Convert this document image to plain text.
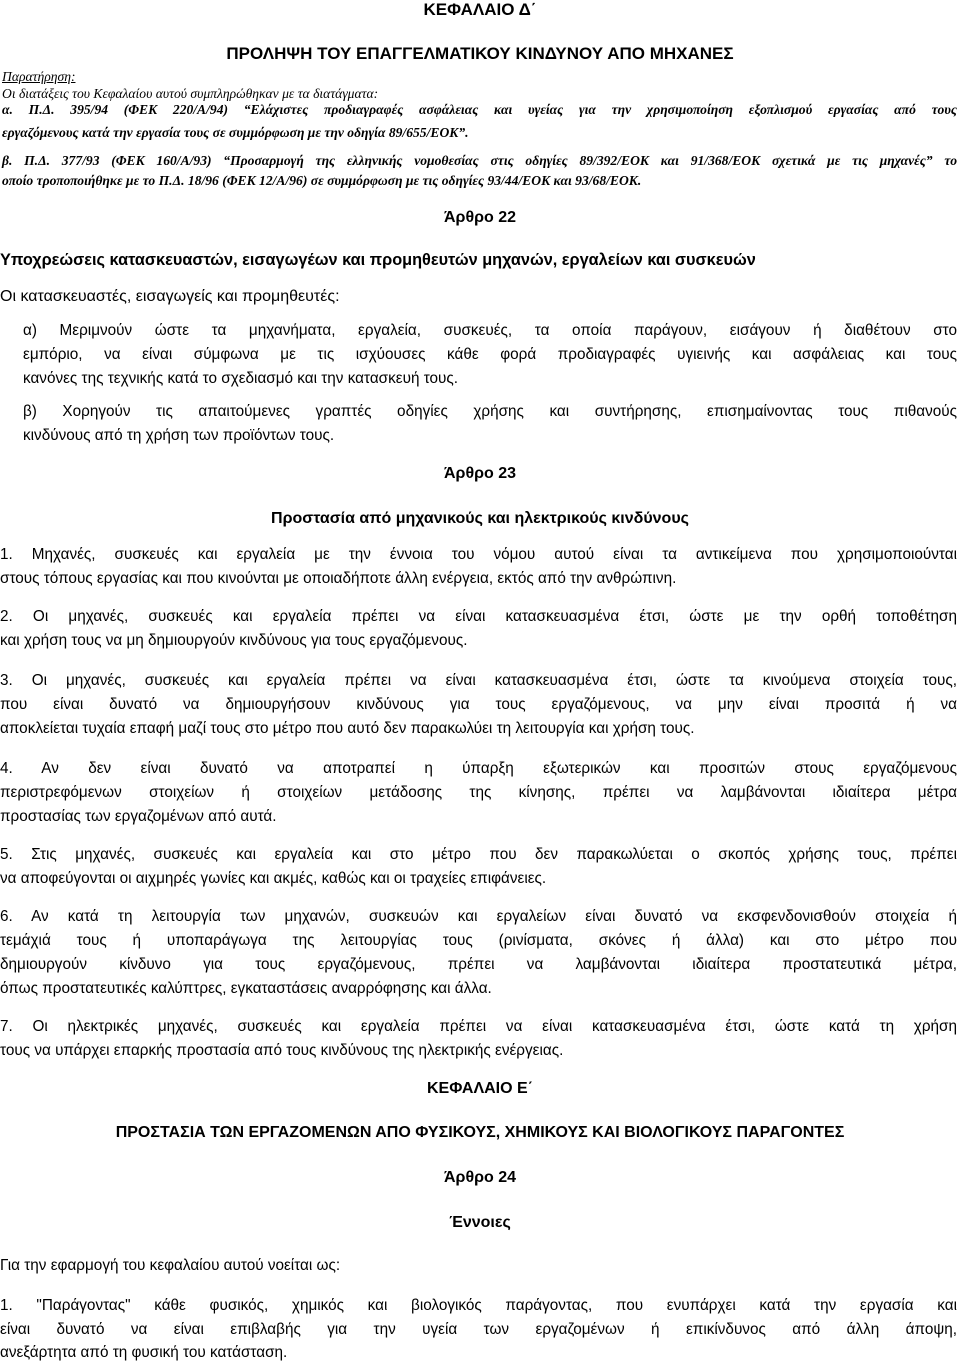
ΚΕΦΑΛΑΙΟ Δ΄
ΠΡΟΛΗΨΗ ΤΟΥ ΕΠΑΓΓΕΛΜΑΤΙΚΟΥ ΚΙΝΔΥΝΟΥ ΑΠΟ ΜΗΧΑΝΕΣ
Παρατήρηση:
Οι διατάξεις του Κεφαλαίου αυτού συμπληρώθηκαν με τα διατάγματα:
α. Π.Δ. 395/94 (ΦΕΚ 220/Α/94) “Ελάχιστες προδιαγραφές ασφάλειας και υγείας για την χρησιμοποίηση εξοπλισμού εργασίας από τους
εργαζόμενους κατά την εργασία τους σε συμμόρφωση με την οδηγία 89/655/ΕΟΚ”.
β. Π.Δ. 377/93 (ΦΕΚ 160/Α/93) “Προσαρμογή της ελληνικής νομοθεσίας στις οδηγίες 89/392/ΕΟΚ και 91/368/ΕΟΚ σχετικά με τις μηχανές” το
οποίο τροποποιήθηκε με το Π.Δ. 18/96 (ΦΕΚ 12/Α/96) σε συμμόρφωση με τις οδηγίες 93/44/ΕΟΚ και 93/68/ΕΟΚ.
Άρθρο 22
Υποχρεώσεις κατασκευαστών, εισαγωγέων και προμηθευτών μηχανών, εργαλείων και συσκευών
Οι κατασκευαστές, εισαγωγείς και προμηθευτές:
α) Μεριμνούν ώστε τα μηχανήματα, εργαλεία, συσκευές, τα οποία παράγουν, εισάγουν ή διαθέτουν στο
εμπόριο, να είναι σύμφωνα με τις ισχύουσες κάθε φορά προδιαγραφές υγιεινής και ασφάλειας και τους
κανόνες της τεχνικής κατά το σχεδιασμό και την κατασκευή τους.
β) Χορηγούν τις απαιτούμενες γραπτές οδηγίες χρήσης και συντήρησης, επισημαίνοντας τους πιθανούς
κινδύνους από τη χρήση των προϊόντων τους.
Άρθρο 23
Προστασία από μηχανικούς και ηλεκτρικούς κινδύνους
1. Μηχανές, συσκευές και εργαλεία με την έννοια του νόμου αυτού είναι τα αντικείμενα που χρησιμοποιούνται
στους τόπους εργασίας και που κινούνται με οποιαδήποτε άλλη ενέργεια, εκτός από την ανθρώπινη.
2. Οι μηχανές, συσκευές και εργαλεία πρέπει να είναι κατασκευασμένα έτσι, ώστε με την ορθή τοποθέτηση
και χρήση τους να μη δημιουργούν κινδύνους για τους εργαζόμενους.
3. Οι μηχανές, συσκευές και εργαλεία πρέπει να είναι κατασκευασμένα έτσι, ώστε τα κινούμενα στοιχεία τους,
που είναι δυνατό να δημιουργήσουν κινδύνους για τους εργαζόμενους, να μην είναι προσιτά ή να
αποκλείεται τυχαία επαφή μαζί τους στο μέτρο που αυτό δεν παρακωλύει τη λειτουργία και χρήση τους.
4. Αν δεν είναι δυνατό να αποτραπεί η ύπαρξη εξωτερικών και προσιτών στους εργαζόμενους
περιστρεφόμενων στοιχείων ή στοιχείων μετάδοσης της κίνησης, πρέπει να λαμβάνονται ιδιαίτερα μέτρα
προστασίας των εργαζομένων από αυτά.
5. Στις μηχανές, συσκευές και εργαλεία και στο μέτρο που δεν παρακωλύεται ο σκοπός χρήσης τους, πρέπει
να αποφεύγονται οι αιχμηρές γωνίες και ακμές, καθώς και οι τραχείες επιφάνειες.
6. Αν κατά τη λειτουργία των μηχανών, συσκευών και εργαλείων είναι δυνατό να εκσφενδονισθούν στοιχεία ή
τεμάχιά τους ή υποπαράγωγα της λειτουργίας τους (ρινίσματα, σκόνες ή άλλα) και στο μέτρο που
δημιουργούν κίνδυνο για τους εργαζόμενους, πρέπει να λαμβάνονται ιδιαίτερα προστατευτικά μέτρα,
όπως προστατευτικές καλύπτρες, εγκαταστάσεις αναρρόφησης και άλλα.
7. Οι ηλεκτρικές μηχανές, συσκευές και εργαλεία πρέπει να είναι κατασκευασμένα έτσι, ώστε κατά τη χρήση
τους να υπάρχει επαρκής προστασία από τους κινδύνους της ηλεκτρικής ενέργειας.
ΚΕΦΑΛΑΙΟ Ε΄
ΠΡΟΣΤΑΣΙΑ ΤΩΝ ΕΡΓΑΖΟΜΕΝΩΝ ΑΠΟ ΦΥΣΙΚΟΥΣ, ΧΗΜΙΚΟΥΣ ΚΑΙ ΒΙΟΛΟΓΙΚΟΥΣ ΠΑΡΑΓΟΝΤΕΣ
Άρθρο 24
Έννοιες
Για την εφαρμογή του κεφαλαίου αυτού νοείται ως:
1. "Παράγοντας" κάθε φυσικός, χημικός και βιολογικός παράγοντας, που ενυπάρχει κατά την εργασία και
είναι δυνατό να είναι επιβλαβής για την υγεία των εργαζομένων ή επικίνδυνος από άλλη άποψη,
ανεξάρτητα από τη φυσική του κατάσταση.
